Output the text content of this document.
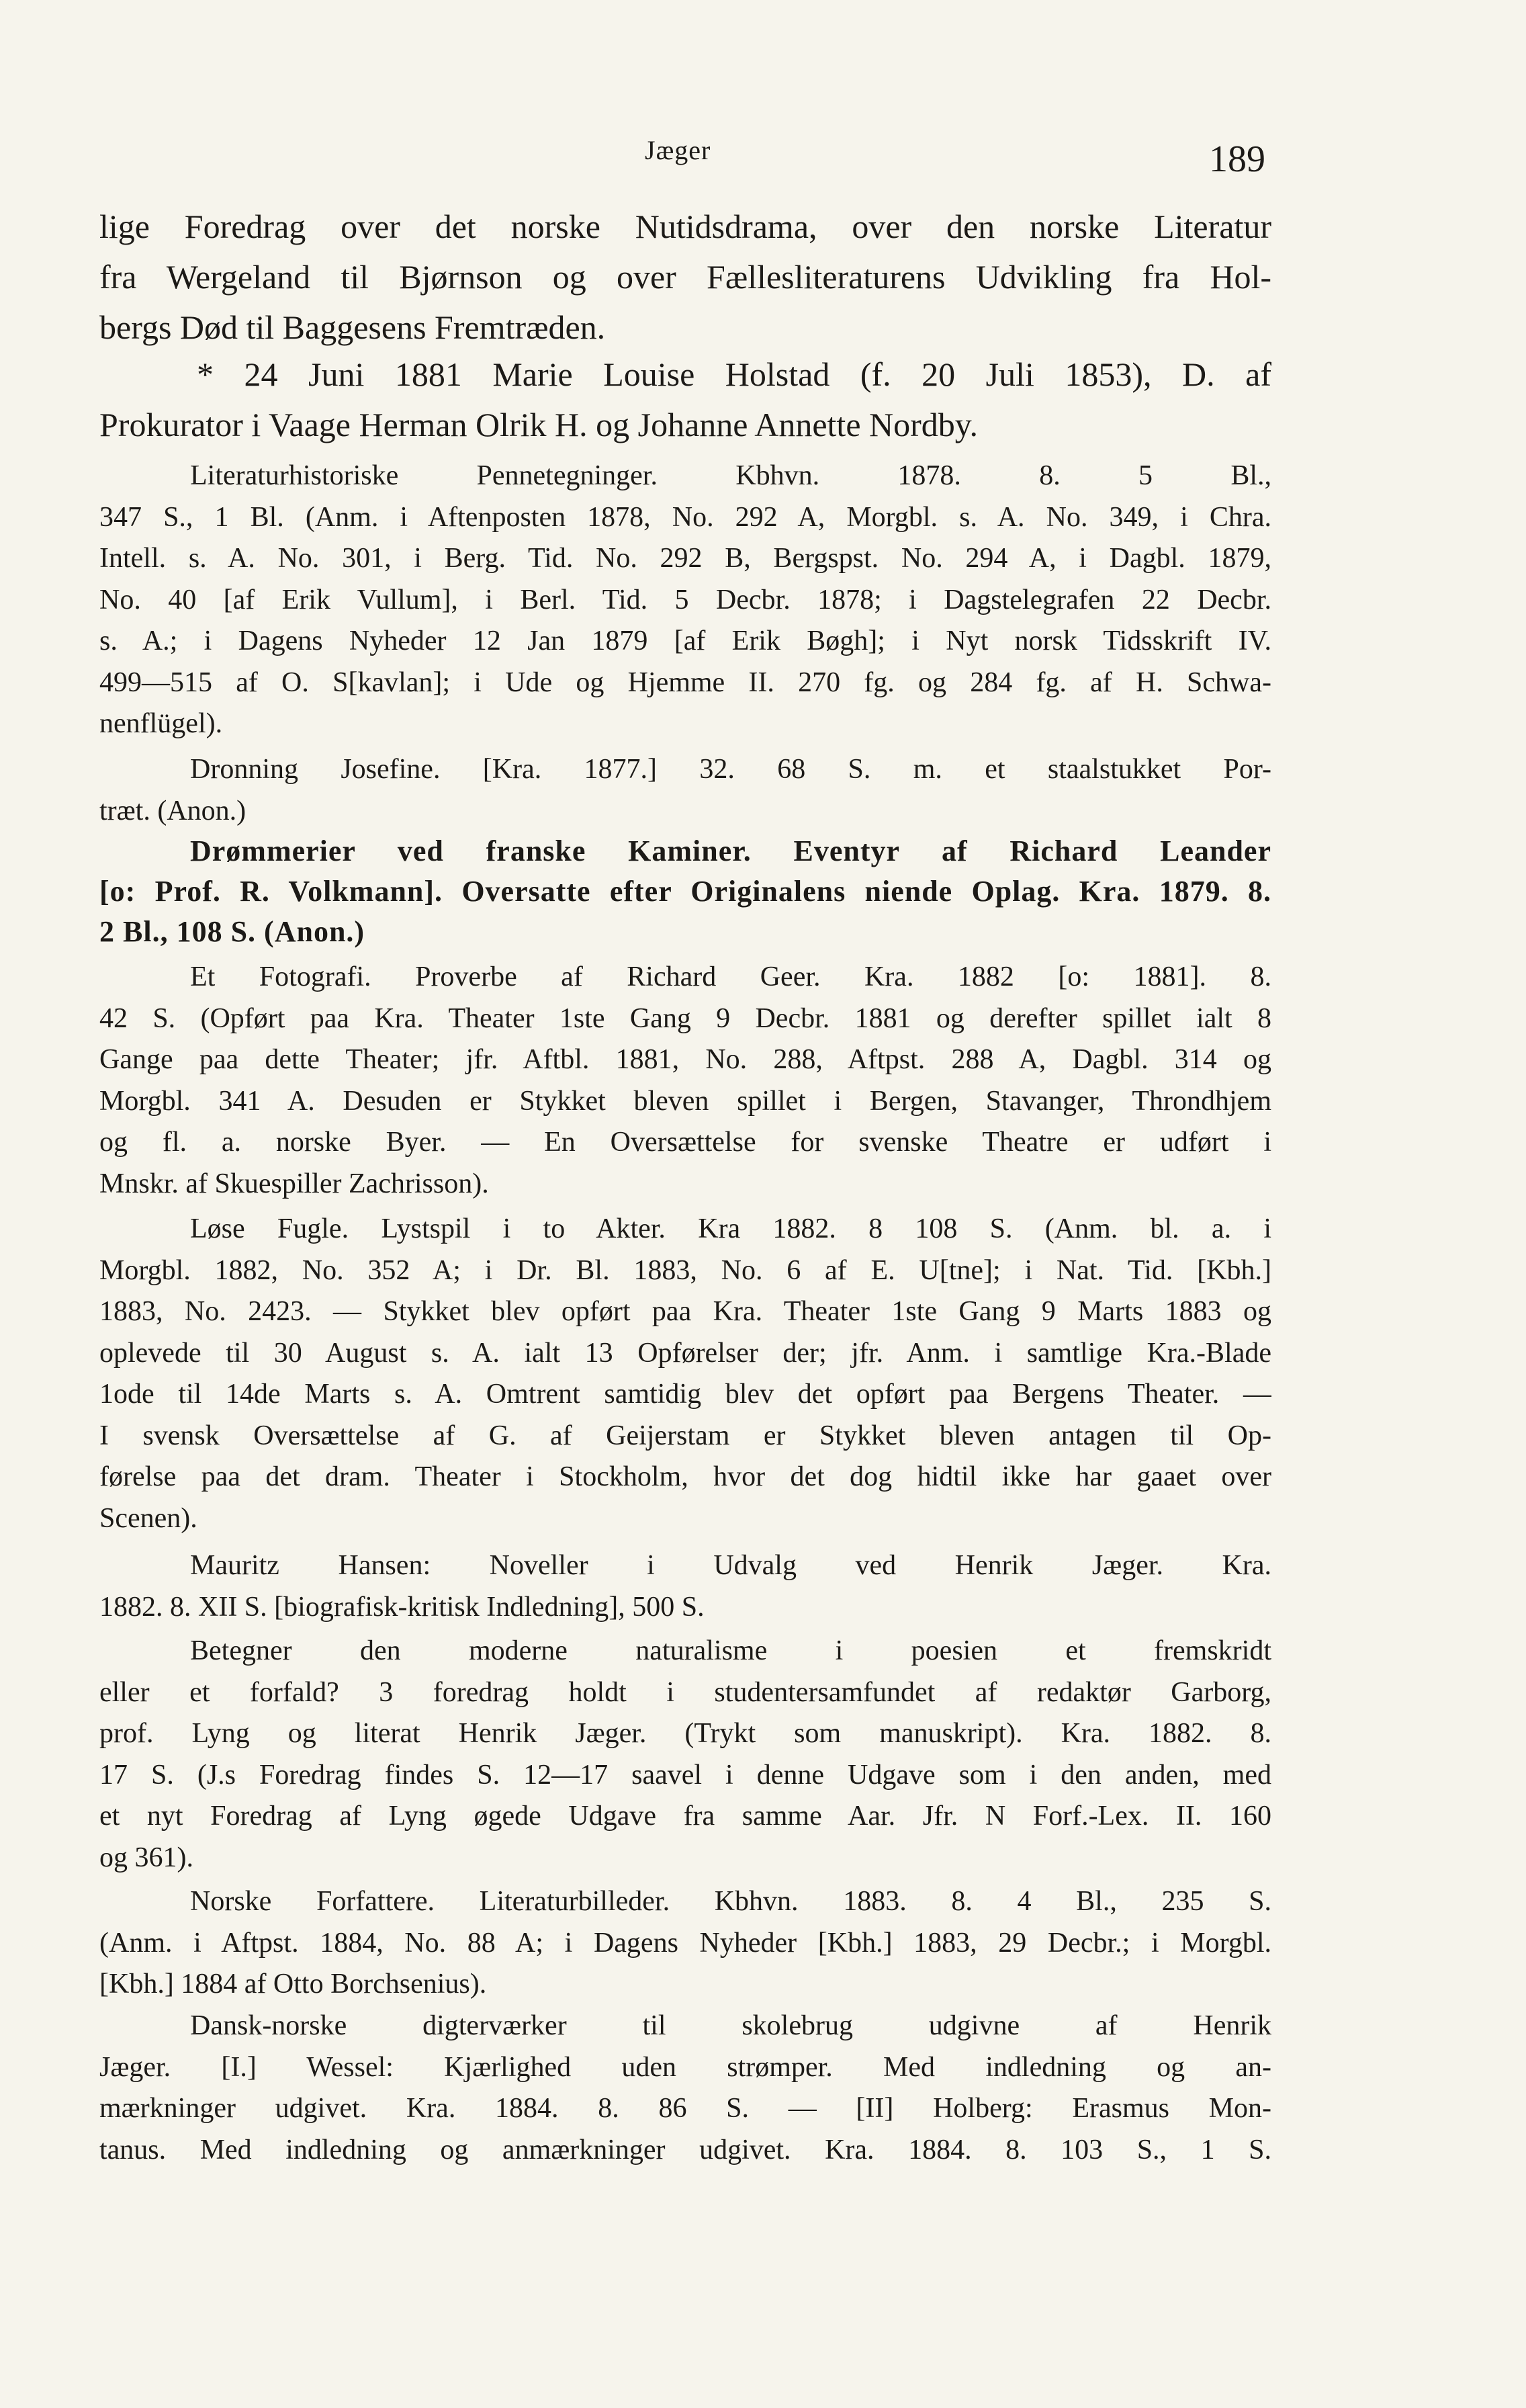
Jæger	189
lige Foredrag over det norske Nutidsdrama, over den norske Literatur
fra Wergeland til Bjørnson og over Fællesliteraturens Udvikling fra Hol-
bergs Død til Baggesens Fremtræden.
* 24 Juni 1881 Marie Louise Holstad (f. 20 Juli 1853), D. af
Prokurator i Vaage Herman Olrik H. og Johanne Annette Nordby.
Literaturhistoriske Pennetegninger. Kbhvn. 1878. 8. 5 Bl.,
347 S., 1 Bl. (Anm. i Aftenposten 1878, No. 292 A, Morgbl. s. A. No. 349, i Chra.
Intell. s. A. No. 301, i Berg. Tid. No. 292 B, Bergspst. No. 294 A, i Dagbl. 1879,
No. 40 [af Erik Vullum], i Berl. Tid. 5 Decbr. 1878; i Dagstelegrafen 22 Decbr.
s. A.; i Dagens Nyheder 12 Jan 1879 [af Erik Bøgh]; i Nyt norsk Tidsskrift IV.
499—515 af O. S[kavlan]; i Ude og Hjemme II. 270 fg. og 284 fg. af H. Schwa-
nenflügel).
Dronning Josefine. [Kra. 1877.] 32. 68 S. m. et staalstukket Por-
træt. (Anon.)
Drømmerier ved franske Kaminer. Eventyr af Richard Leander
[o: Prof. R. Volkmann]. Oversatte efter Originalens niende Oplag. Kra. 1879. 8.
2 Bl., 108 S. (Anon.)
Et Fotografi. Proverbe af Richard Geer. Kra. 1882 [o: 1881]. 8.
42 S. (Opført paa Kra. Theater 1ste Gang 9 Decbr. 1881 og derefter spillet ialt 8
Gange paa dette Theater; jfr. Aftbl. 1881, No. 288, Aftpst. 288 A, Dagbl. 314 og
Morgbl. 341 A. Desuden er Stykket bleven spillet i Bergen, Stavanger, Throndhjem
og fl. a. norske Byer. — En Oversættelse for svenske Theatre er udført i
Mnskr. af Skuespiller Zachrisson).
Løse Fugle. Lystspil i to Akter. Kra 1882. 8 108 S. (Anm. bl. a. i
Morgbl. 1882, No. 352 A; i Dr. Bl. 1883, No. 6 af E. U[tne]; i Nat. Tid. [Kbh.]
1883, No. 2423. — Stykket blev opført paa Kra. Theater 1ste Gang 9 Marts 1883 og
oplevede til 30 August s. A. ialt 13 Opførelser der; jfr. Anm. i samtlige Kra.-Blade
1ode til 14de Marts s. A. Omtrent samtidig blev det opført paa Bergens Theater. —
I svensk Oversættelse af G. af Geijerstam er Stykket bleven antagen til Op-
førelse paa det dram. Theater i Stockholm, hvor det dog hidtil ikke har gaaet over
Scenen).
Mauritz Hansen: Noveller i Udvalg ved Henrik Jæger. Kra.
1882. 8. XII S. [biografisk-kritisk Indledning], 500 S.
Betegner den moderne naturalisme i poesien et fremskridt
eller et forfald? 3 foredrag holdt i studentersamfundet af redaktør Garborg,
prof. Lyng og literat Henrik Jæger. (Trykt som manuskript). Kra. 1882. 8.
17 S. (J.s Foredrag findes S. 12—17 saavel i denne Udgave som i den anden, med
et nyt Foredrag af Lyng øgede Udgave fra samme Aar. Jfr. N Forf.-Lex. II. 160
og 361).
Norske Forfattere. Literaturbilleder. Kbhvn. 1883. 8. 4 Bl., 235 S.
(Anm. i Aftpst. 1884, No. 88 A; i Dagens Nyheder [Kbh.] 1883, 29 Decbr.; i Morgbl.
[Kbh.] 1884 af Otto Borchsenius).
Dansk-norske digterværker til skolebrug udgivne af Henrik
Jæger. [I.] Wessel: Kjærlighed uden strømper. Med indledning og an-
mærkninger udgivet. Kra. 1884. 8. 86 S. — [II] Holberg: Erasmus Mon-
tanus. Med indledning og anmærkninger udgivet. Kra. 1884. 8. 103 S., 1 S.
